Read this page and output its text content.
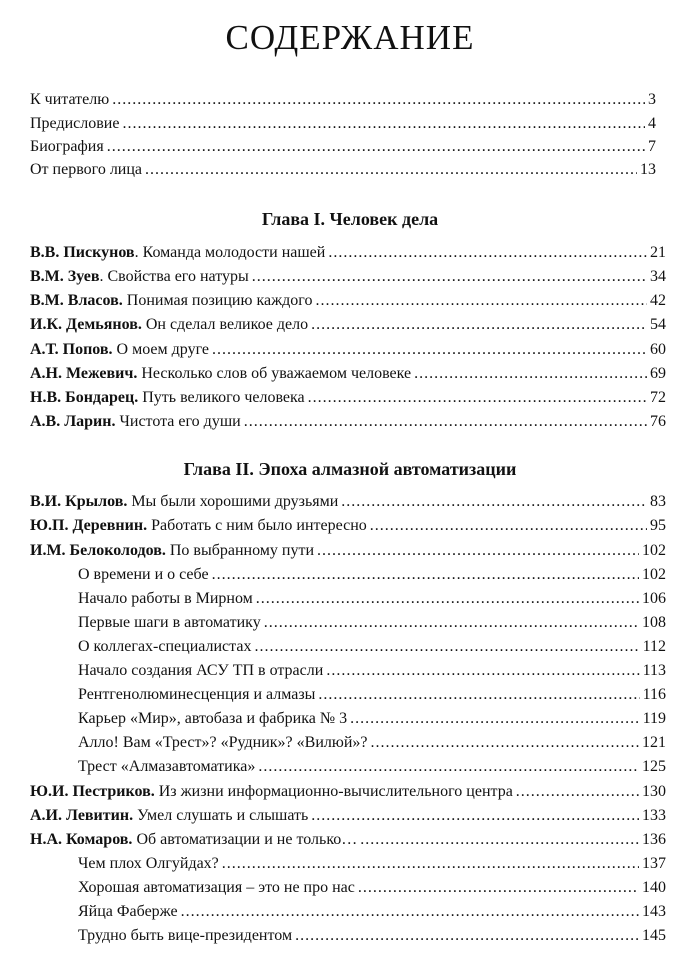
СОДЕРЖАНИЕ
К читателю .....	3
Предисловие .....	4
Биография .....	7
От первого лица .....	13
Глава I. Человек дела
В.В. Пискунов. Команда молодости нашей .....	21
В.М. Зуев. Свойства его натуры .....	34
В.М. Власов. Понимая позицию каждого .....	42
И.К. Демьянов. Он сделал великое дело .....	54
А.Т. Попов. О моем друге .....	60
А.Н. Межевич. Несколько слов об уважаемом человеке .....	69
Н.В. Бондарец. Путь великого человека .....	72
А.В. Ларин. Чистота его души .....	76
Глава II. Эпоха алмазной автоматизации
В.И. Крылов. Мы были хорошими друзьями .....	83
Ю.П. Деревнин. Работать с ним было интересно .....	95
И.М. Белоколодов. По выбранному пути .....	102
О времени и о себе .....	102
Начало работы в Мирном .....	106
Первые шаги в автоматику .....	108
О коллегах-специалистах .....	112
Начало создания АСУ ТП в отрасли .....	113
Рентгенолюминесценция и алмазы .....	116
Карьер «Мир», автобаза и фабрика № 3 .....	119
Алло! Вам «Трест»? «Рудник»? «Вилюй»? .....	121
Трест «Алмазавтоматика» .....	125
Ю.И. Пестриков. Из жизни информационно-вычислительного центра .....	130
А.И. Левитин. Умел слушать и слышать .....	133
Н.А. Комаров. Об автоматизации и не только… .....	136
Чем плох Олгуйдах? .....	137
Хорошая автоматизация – это не про нас .....	140
Яйца Фаберже .....	143
Трудно быть вице-президентом .....	145
